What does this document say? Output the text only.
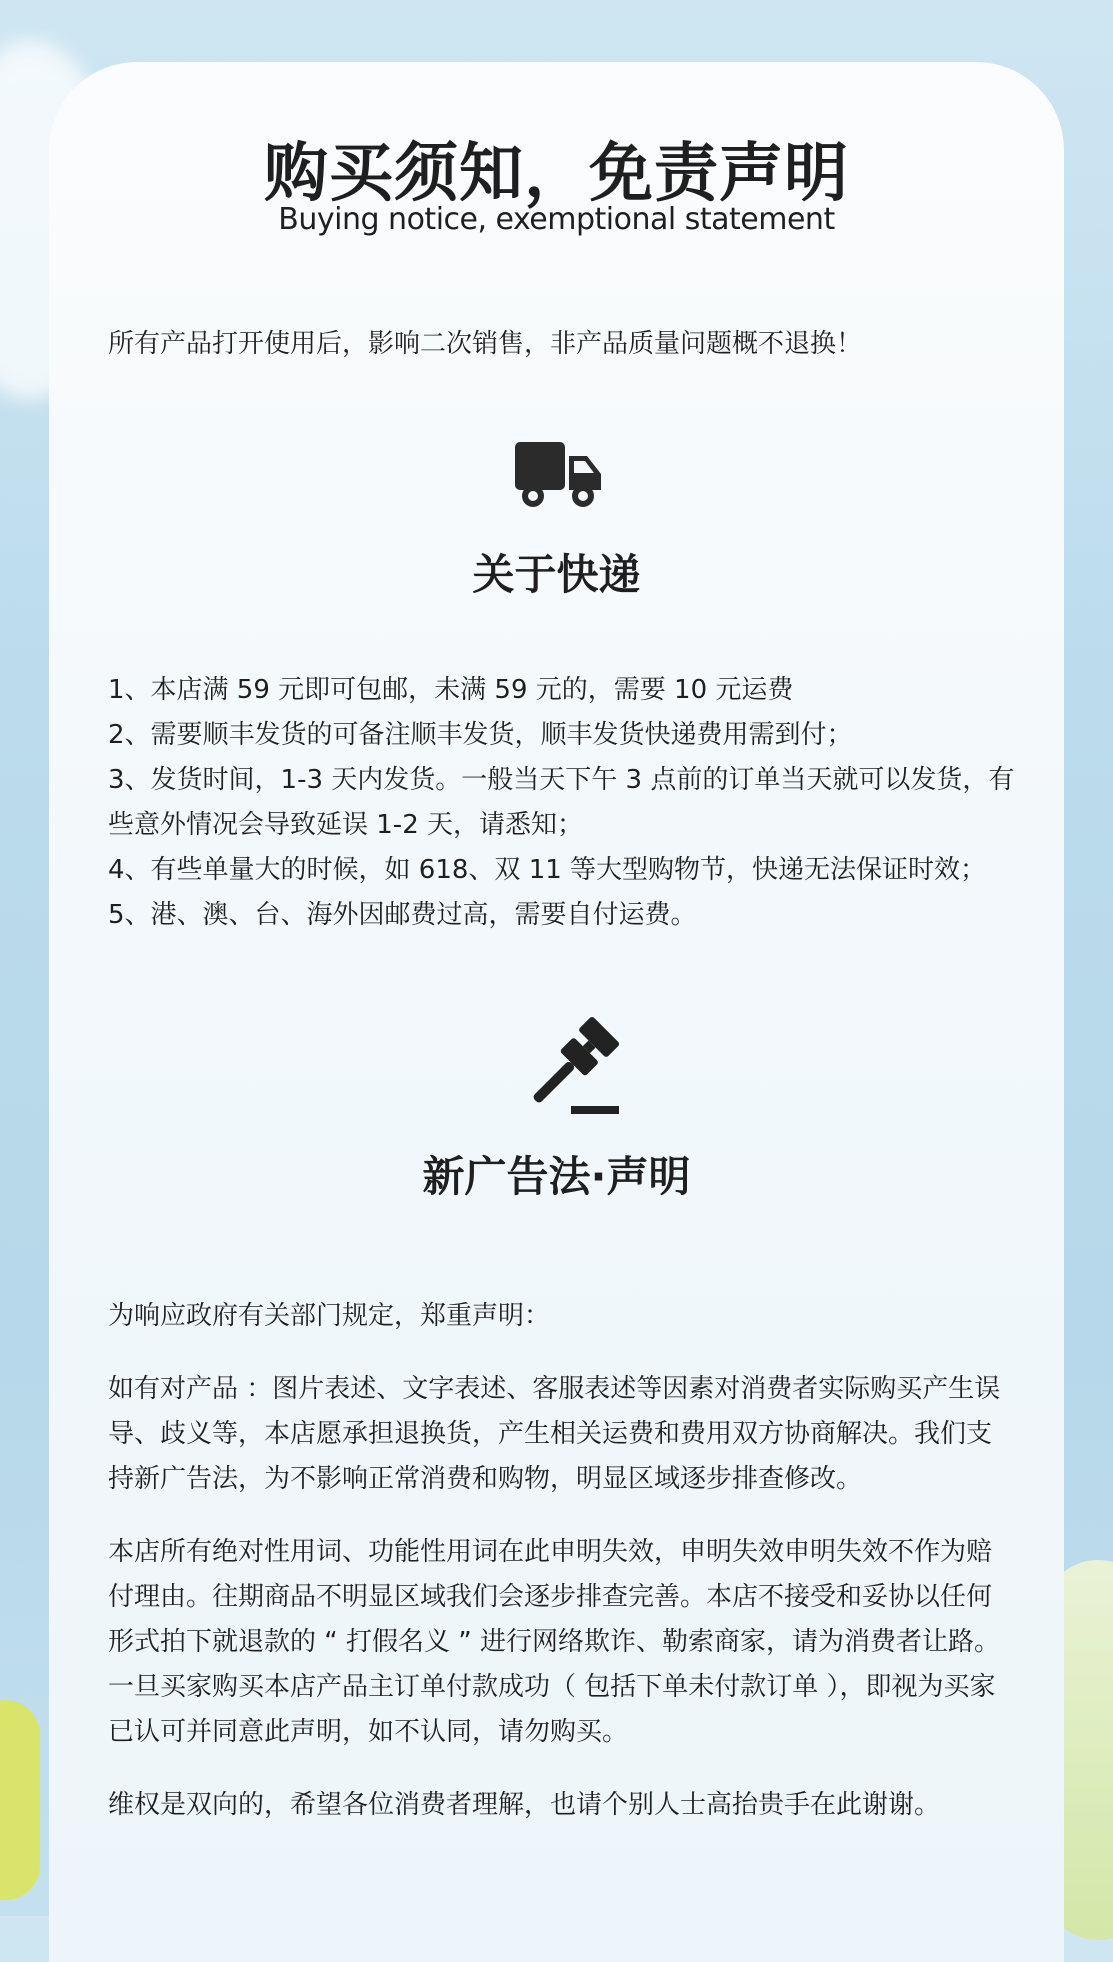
购买须知，免责声明
Buying notice, exemptional statement
所有产品打开使用后，影响二次销售，非产品质量问题概不退换！
关于快递
1、本店满 59 元即可包邮，未满 59 元的，需要 10 元运费
2、需要顺丰发货的可备注顺丰发货，顺丰发货快递费用需到付；
3、发货时间，1-3 天内发货。一般当天下午 3 点前的订单当天就可以发货，有些意外情况会导致延误 1-2 天，请悉知；
4、有些单量大的时候，如 618、双 11 等大型购物节，快递无法保证时效；
5、港、澳、台、海外因邮费过高，需要自付运费。
新广告法·声明

为响应政府有关部门规定，郑重声明：

如有对产品 ：图片表述、文字表述、客服表述等因素对消费者实际购买产生误导、歧义等，本店愿承担退换货，产生相关运费和费用双方协商解决。我们支持新广告法，为不影响正常消费和购物，明显区域逐步排查修改。

本店所有绝对性用词、功能性用词在此申明失效，申明失效申明失效不作为赔付理由。往期商品不明显区域我们会逐步排查完善。本店不接受和妥协以任何形式拍下就退款的 “ 打假名义 ” 进行网络欺诈、勒索商家，请为消费者让路。一旦买家购买本店产品主订单付款成功（ 包括下单未付款订单 ），即视为买家已认可并同意此声明，如不认同，请勿购买。

维权是双向的，希望各位消费者理解，也请个别人士高抬贵手在此谢谢。
